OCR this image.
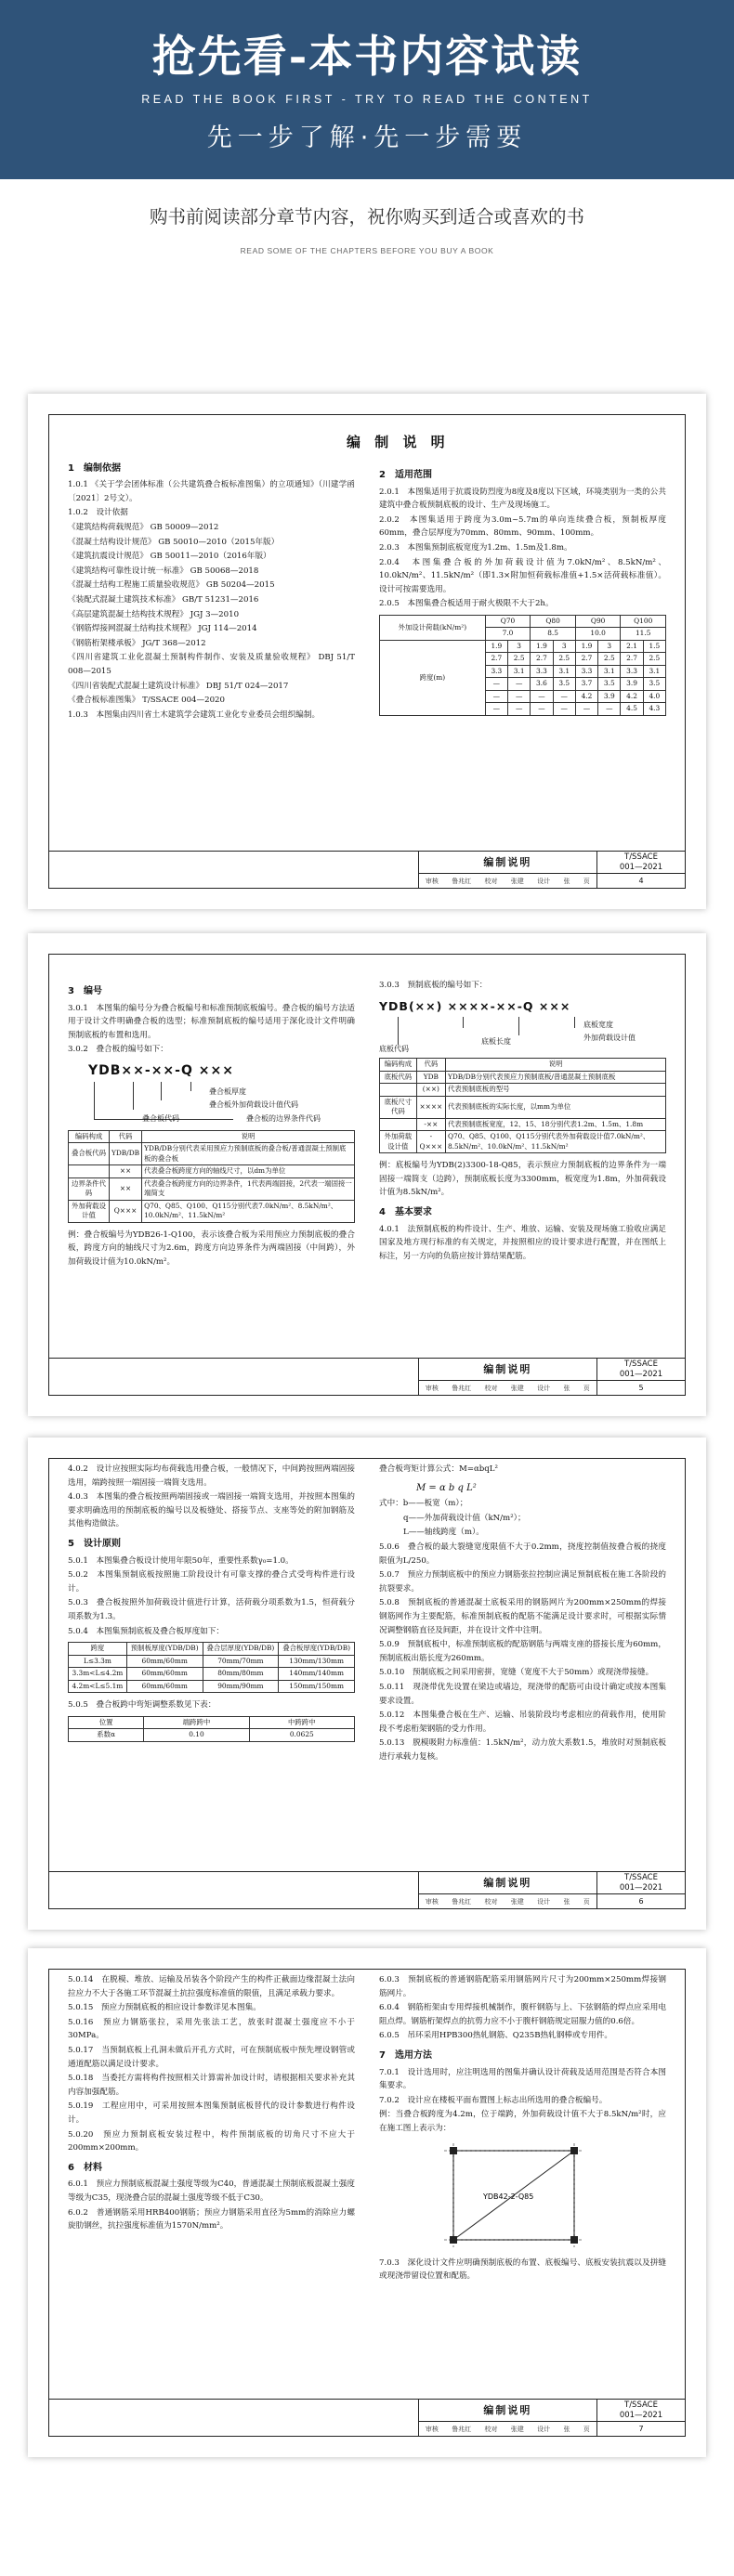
抢先看-本书内容试读
READ THE BOOK FIRST - TRY TO READ THE CONTENT
先一步了解·先一步需要
购书前阅读部分章节内容，祝你购买到适合或喜欢的书
READ SOME OF THE CHAPTERS BEFORE YOU BUY A BOOK
编 制 说 明
1　编制依据
1.0.1 《关于学会团体标准（公共建筑叠合板标准图集）的立项通知》（川建学函〔2021〕2号文）。
1.0.2　设计依据
《建筑结构荷载规范》 GB 50009—2012
《混凝土结构设计规范》 GB 50010—2010（2015年版）
《建筑抗震设计规范》 GB 50011—2010（2016年版）
《建筑结构可靠性设计统一标准》 GB 50068—2018
《混凝土结构工程施工质量验收规范》 GB 50204—2015
《装配式混凝土建筑技术标准》 GB/T 51231—2016
《高层建筑混凝土结构技术规程》 JGJ 3—2010
《钢筋焊接网混凝土结构技术规程》 JGJ 114—2014
《钢筋桁架楼承板》 JG/T 368—2012
《四川省建筑工业化混凝土预制构件制作、安装及质量验收规程》 DBJ 51/T 008—2015
《四川省装配式混凝土建筑设计标准》 DBJ 51/T 024—2017
《叠合板标准图集》 T/SSACE 004—2020
1.0.3　本图集由四川省土木建筑学会建筑工业化专业委员会组织编制。
2　适用范围
2.0.1　本图集适用于抗震设防烈度为8度及8度以下区域，环境类别为一类的公共建筑中叠合板预制底板的设计、生产及现场施工。
2.0.2　本图集适用于跨度为3.0m~5.7m的单向连续叠合板，预制板厚度60mm，叠合层厚度为70mm、80mm、90mm、100mm。
2.0.3　本图集预制底板宽度为1.2m、1.5m及1.8m。
2.0.4　本图集叠合板的外加荷载设计值为7.0kN/m²、8.5kN/m²、10.0kN/m²、11.5kN/m²（即1.3×附加恒荷载标准值+1.5×活荷载标准值）。设计可按需要选用。
2.0.5　本图集叠合板适用于耐火极限不大于2h。
外加设计荷载(kN/m²)	Q70		Q80		Q90		Q100	
	7.0		8.5		10.0		11.5	
跨度(m)	1.9	3	1.9	3	1.9	3	2.1	1.5
	2.7	2.5	2.7	2.5	2.7	2.5	2.7	2.5
	3.3	3.1	3.3	3.1	3.3	3.1	3.3	3.1
	—	—	3.6	3.5	3.7	3.5	3.9	3.5
	—	—	—	—	4.2	3.9	4.2	4.0
	—	—	—	—	—	—	4.5	4.3
编制说明
审核 鲁兆红 校对 张建 设计 张 页
T/SSACE
001—2021
4
3　编号
3.0.1　本图集的编号分为叠合板编号和标准预制底板编号。叠合板的编号方法适用于设计文件明确叠合板的选型；标准预制底板的编号适用于深化设计文件明确预制底板的布置和选用。
3.0.2　叠合板的编号如下：
YDB××-××-Q ×××
叠合板代码
叠合板厚度
叠合板外加荷载设计值代码
叠合板的边界条件代码
编码构成	代码	说明
叠合板代码	YDB/DB	YDB/DB分别代表采用预应力预制底板的叠合板/普通混凝土预制底板的叠合板
	××	代表叠合板跨度方向的轴线尺寸，以dm为单位
边界条件代码	××	代表叠合板跨度方向的边界条件，1代表两端固接，2代表一端固接一端简支
外加荷载设计值	Q×××	Q70、Q85、Q100、Q115分别代表7.0kN/m²、8.5kN/m²、10.0kN/m²、11.5kN/m²
例：叠合板编号为YDB26-1-Q100，表示该叠合板为采用预应力预制底板的叠合板，跨度方向的轴线尺寸为2.6m，跨度方向边界条件为两端固接（中间跨），外加荷载设计值为10.0kN/m²。
3.0.3　预制底板的编号如下：
YDB(××) ××××-××-Q ×××
底板代码
底板宽度
底板长度	外加荷载设计值
编码构成	代码	说明
底板代码	YDB	YDB/DB分别代表预应力预制底板/普通混凝土预制底板
	(××)	代表预制底板的型号
底板尺寸代码	××××	代表预制底板的实际长度，以mm为单位
	-××	代表预制底板宽度，12、15、18分别代表1.2m、1.5m、1.8m
外加荷载设计值	-Q×××	Q70、Q85、Q100、Q115分别代表外加荷载设计值7.0kN/m²、8.5kN/m²、10.0kN/m²、11.5kN/m²
例：底板编号为YDB(2)3300-18-Q85，表示预应力预制底板的边界条件为一端固接一端简支（边跨），预制底板长度为3300mm，板宽度为1.8m，外加荷载设计值为8.5kN/m²。
4　基本要求
4.0.1　法预制底板的构件设计、生产、堆放、运输、安装及现场施工验收应满足国家及地方现行标准的有关规定，并按照相应的设计要求进行配置，并在图纸上标注，另一方向的负筋应按计算结果配筋。
编制说明
审核 鲁兆红 校对 张建 设计 张 页
T/SSACE
001—2021
5
4.0.2　设计应按照实际均布荷载选用叠合板，一般情况下，中间跨按照两端固接选用，端跨按照一端固接一端简支选用。
4.0.3　本图集的叠合板按照两端固接或一端固接一端简支选用，并按照本图集的要求明确选用的预制底板的编号以及板缝处、搭接节点、支座等处的附加钢筋及其他构造做法。
5　设计原则
5.0.1　本图集叠合板设计使用年限50年，重要性系数γ₀=1.0。
5.0.2　本图集预制底板按照施工阶段设计有可靠支撑的叠合式受弯构件进行设计。
5.0.3　叠合板按照外加荷载设计值进行计算，活荷载分项系数为1.5，恒荷载分项系数为1.3。
5.0.4　本图集预制底板及叠合板厚度如下：
跨度	预制板厚度(YDB/DB)	叠合层厚度(YDB/DB)	叠合板厚度(YDB/DB)
L≤3.3m	60mm/60mm	70mm/70mm	130mm/130mm
3.3m<L≤4.2m	60mm/60mm	80mm/80mm	140mm/140mm
4.2m<L≤5.1m	60mm/60mm	90mm/90mm	150mm/150mm
5.0.5　叠合板跨中弯矩调整系数见下表：
位置	端跨跨中	中跨跨中
系数α	0.10	0.0625
叠合板弯矩计算公式：M=αbqL²
M = α b q L²
式中：b——板宽（m）；
q——外加荷载设计值（kN/m²）；
L——轴线跨度（m）。
5.0.6　叠合板的最大裂缝宽度限值不大于0.2mm，挠度控制值按叠合板的挠度限值为L/250。
5.0.7　预应力预制底板中的预应力钢筋张拉控制应满足预制底板在施工各阶段的抗裂要求。
5.0.8　预制底板的普通混凝土底板采用的钢筋网片为200mm×250mm的焊接钢筋网作为主要配筋，标准预制底板的配筋不能满足设计要求时，可根据实际情况调整钢筋直径及间距，并在设计文件中注明。
5.0.9　预制底板中，标准预制底板的配筋钢筋与两端支座的搭接长度为60mm，预制底板出筋长度为260mm。
5.0.10　预制底板之间采用密拼，宽缝（宽度不大于50mm）或现浇带接缝。
5.0.11　现浇带优先设置在梁边或墙边，现浇带的配筋可由设计确定或按本图集要求设置。
5.0.12　本图集叠合板在生产、运输、吊装阶段均考虑相应的荷载作用，使用阶段不考虑桁架钢筋的受力作用。
5.0.13　脱模吸附力标准值：1.5kN/m²，动力放大系数1.5，堆放时对预制底板进行承载力复核。
编制说明
审核 鲁兆红 校对 张建 设计 张 页
T/SSACE
001—2021
6
5.0.14　在脱模、堆放、运输及吊装各个阶段产生的构件正截面边缘混凝土法向拉应力不大于各施工环节混凝土抗拉强度标准值的限值，且满足承载力要求。
5.0.15　预应力预制底板的相应设计参数详见本图集。
5.0.16　预应力钢筋张拉，采用先张法工艺，放张时混凝土强度应不小于30MPa。
5.0.17　当预制底板上孔洞未做后开孔方式时，可在预制底板中预先埋设钢管或通道配筋以满足设计要求。
5.0.18　当委托方需将构件按照相关计算需补加设计时，请根据相关要求补充其内容加强配筋。
5.0.19　工程应用中，可采用按照本图集预制底板替代的设计参数进行构件设计。
5.0.20　预应力预制底板安装过程中，构件预制底板的切角尺寸不应大于200mm×200mm。
6　材料
6.0.1　预应力预制底板混凝土强度等级为C40，普通混凝土预制底板混凝土强度等级为C35，现浇叠合层的混凝土强度等级不低于C30。
6.0.2　普通钢筋采用HRB400钢筋；预应力钢筋采用直径为5mm的消除应力螺旋肋钢丝，抗拉强度标准值为1570N/mm²。
6.0.3　预制底板的普通钢筋配筋采用钢筋网片尺寸为200mm×250mm焊接钢筋网片。
6.0.4　钢筋桁架由专用焊接机械制作，腹杆钢筋与上、下弦钢筋的焊点应采用电阻点焊。钢筋桁架焊点的抗剪力应不小于腹杆钢筋规定屈服力值的0.6倍。
6.0.5　吊环采用HPB300热轧钢筋、Q235B热轧钢棒或专用件。
7　选用方法
7.0.1　设计选用时，应注明选用的图集并确认设计荷载及适用范围是否符合本图集要求。
7.0.2　设计应在楼板平面布置图上标志出所选用的叠合板编号。
例：当叠合板跨度为4.2m，位于端跨，外加荷载设计值不大于8.5kN/m²时，应在施工图上表示为：
YDB42-2-Q85
7.0.3　深化设计文件应明确预制底板的布置、底板编号、底板安装抗震以及拼缝或现浇带留设位置和配筋。
编制说明
审核 鲁兆红 校对 张建 设计 张 页
T/SSACE
001—2021
7
